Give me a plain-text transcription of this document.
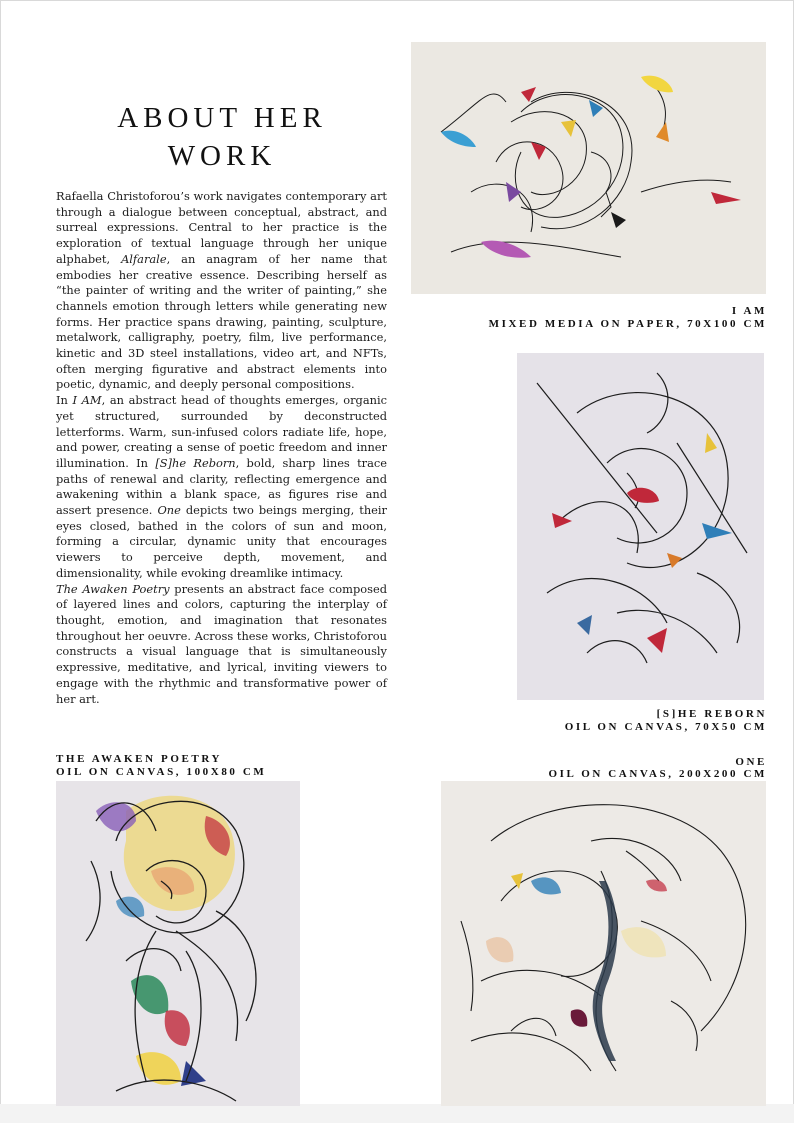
ABOUT HER
WORK

Rafaella Christoforou’s work navigates contemporary art through a dialogue between conceptual, abstract, and surreal expressions. Central to her practice is the exploration of textual language through her unique alphabet, Alfarale, an anagram of her name that embodies her creative essence. Describing herself as “the painter of writing and the writer of painting,” she channels emotion through letters while generating new forms. Her practice spans drawing, painting, sculpture, metalwork, calligraphy, poetry, film, live performance, kinetic and 3D steel installations, video art, and NFTs, often merging figurative and abstract elements into poetic, dynamic, and deeply personal compositions.

In I AM, an abstract head of thoughts emerges, organic yet structured, surrounded by deconstructed letterforms. Warm, sun-infused colors radiate life, hope, and power, creating a sense of poetic freedom and inner illumination. In [S]he Reborn, bold, sharp lines trace paths of renewal and clarity, reflecting emergence and awakening within a blank space, as figures rise and assert presence. One depicts two beings merging, their eyes closed, bathed in the colors of sun and moon, forming a circular, dynamic unity that encourages viewers to perceive depth, movement, and dimensionality, while evoking dreamlike intimacy.

The Awaken Poetry presents an abstract face composed of layered lines and colors, capturing the interplay of thought, emotion, and imagination that resonates throughout her oeuvre. Across these works, Christoforou constructs a visual language that is simultaneously expressive, meditative, and lyrical, inviting viewers to engage with the rhythmic and transformative power of her art.

I AM
MIXED MEDIA ON PAPER, 70X100 CM
[S]HE REBORN
OIL ON CANVAS, 70X50 CM
THE AWAKEN POETRY
OIL ON CANVAS, 100X80 CM
ONE
OIL ON CANVAS, 200X200 CM
